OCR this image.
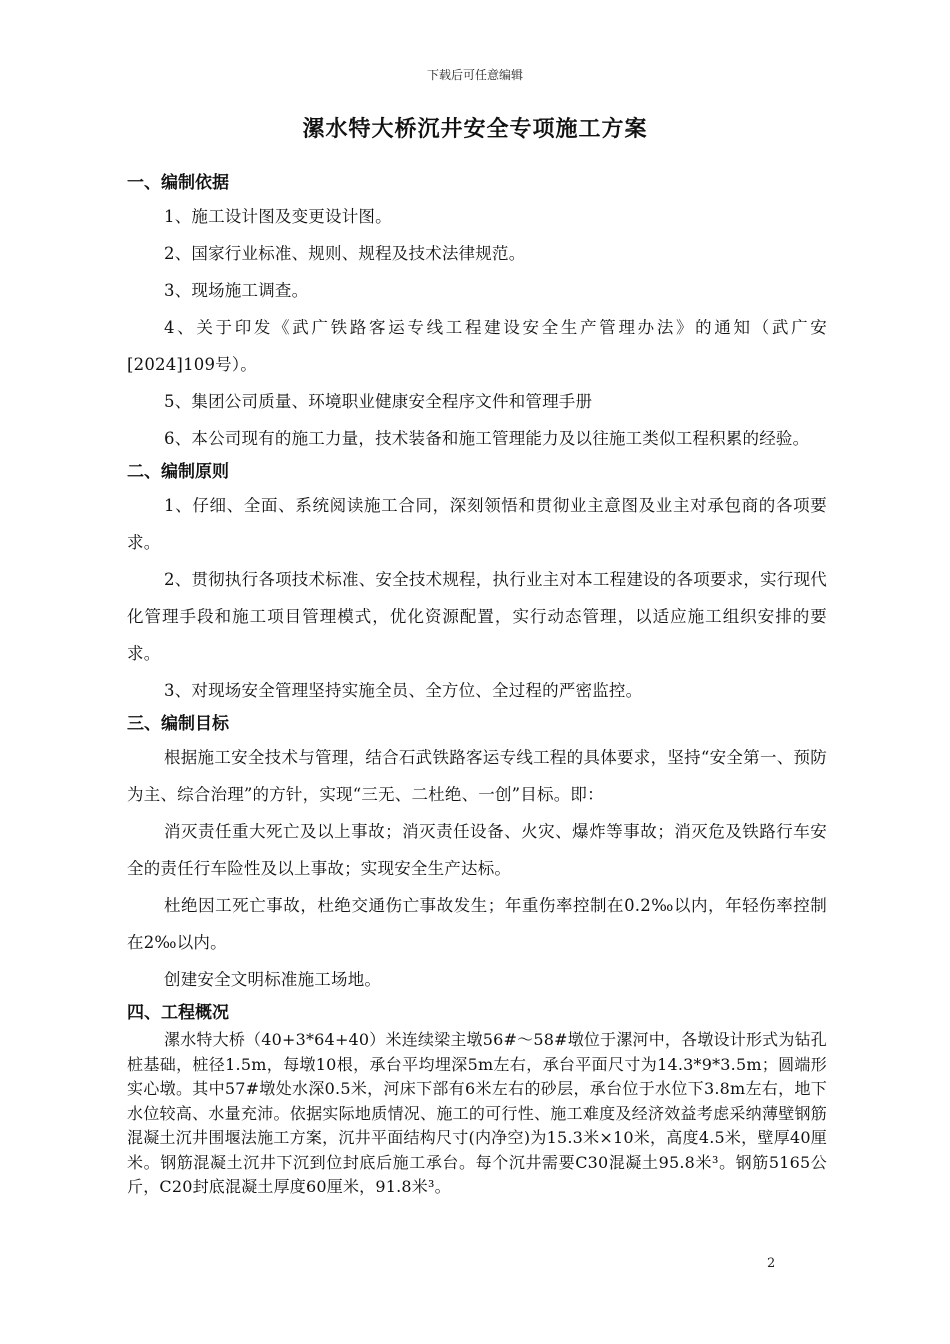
下载后可任意编辑
漯水特大桥沉井安全专项施工方案

一、编制依据

1、施工设计图及变更设计图。

2、国家行业标准、规则、规程及技术法律规范。

3、现场施工调查。

4、关于印发《武广铁路客运专线工程建设安全生产管理办法》的通知（武广安[2024]109号）。

5、集团公司质量、环境职业健康安全程序文件和管理手册

6、本公司现有的施工力量，技术装备和施工管理能力及以往施工类似工程积累的经验。

二、编制原则

1、仔细、全面、系统阅读施工合同，深刻领悟和贯彻业主意图及业主对承包商的各项要求。

2、贯彻执行各项技术标准、安全技术规程，执行业主对本工程建设的各项要求，实行现代化管理手段和施工项目管理模式，优化资源配置，实行动态管理，以适应施工组织安排的要求。

3、对现场安全管理坚持实施全员、全方位、全过程的严密监控。

三、编制目标

根据施工安全技术与管理，结合石武铁路客运专线工程的具体要求，坚持“安全第一、预防为主、综合治理”的方针，实现“三无、二杜绝、一创”目标。即：

消灭责任重大死亡及以上事故；消灭责任设备、火灾、爆炸等事故；消灭危及铁路行车安全的责任行车险性及以上事故；实现安全生产达标。

杜绝因工死亡事故，杜绝交通伤亡事故发生；年重伤率控制在0.2‰以内，年轻伤率控制在2‰以内。

创建安全文明标准施工场地。

四、工程概况

漯水特大桥（40+3*64+40）米连续梁主墩56#～58#墩位于漯河中，各墩设计形式为钻孔桩基础，桩径1.5m，每墩10根，承台平均埋深5m左右，承台平面尺寸为14.3*9*3.5m；圆端形实心墩。其中57#墩处水深0.5米，河床下部有6米左右的砂层，承台位于水位下3.8m左右，地下水位较高、水量充沛。依据实际地质情况、施工的可行性、施工难度及经济效益考虑采纳薄壁钢筋混凝土沉井围堰法施工方案，沉井平面结构尺寸(内净空)为15.3米×10米，高度4.5米，壁厚40厘米。钢筋混凝土沉井下沉到位封底后施工承台。每个沉井需要C30混凝土95.8米³。钢筋5165公斤，C20封底混凝土厚度60厘米，91.8米³。

2
